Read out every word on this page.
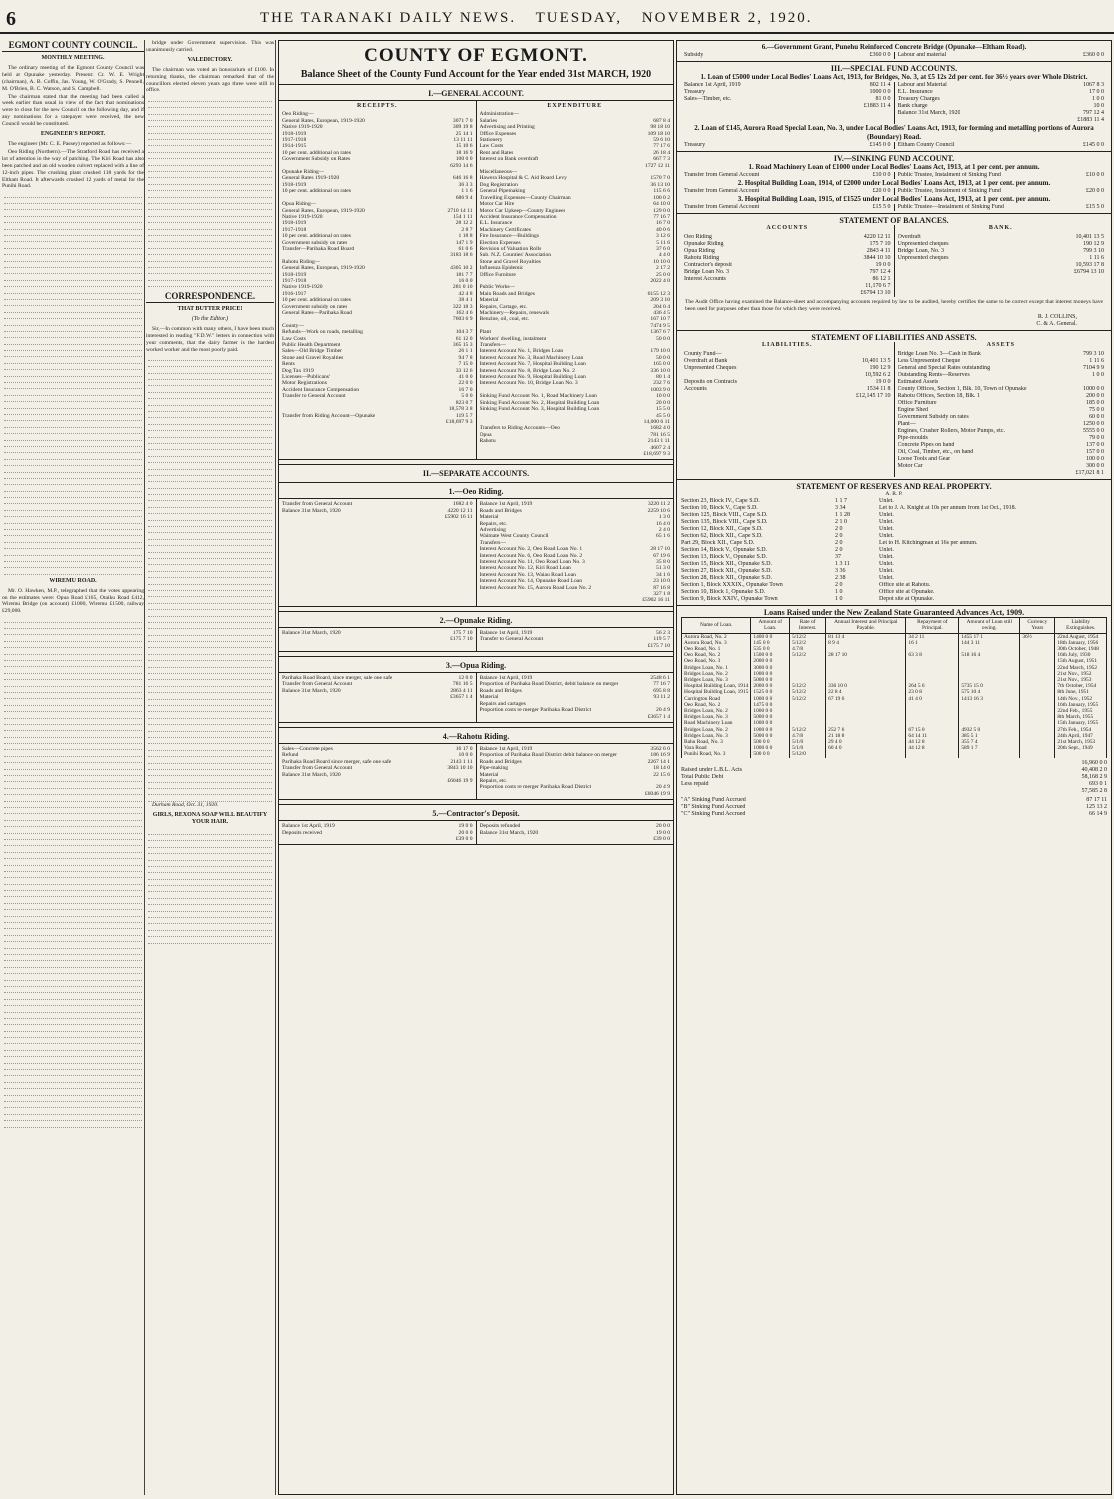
6	THE TARANAKI DAILY NEWS. TUESDAY, NOVEMBER 2, 1920.
EGMONT COUNTY COUNCIL.
MONTHLY MEETING.

The ordinary meeting of the Egmont County Council was held at Opunake yesterday. Present: Cr. W. E. Wright (chairman), A. B. Coffin, Jas. Young, W. O'Grady, S. Pennell, M. O'Brien, B. C. Watson, and S. Campbell.

The chairman stated that the meeting had been called a week earlier than usual in view of the fact that nominations were to close for the new Council on the following day, and if any nominations for a ratepayer were received, the new Council would be constituted.

ENGINEER'S REPORT.

The engineer (Mr. C. E. Passey) reported as follows:—

Oeo Riding (Northern).—The Stratford Road has received a lot of attention in the way of patching. The Kiri Road has also been patched and an old wooden culvert replaced with a line of 12-inch pipes. The crushing plant crushed 118 yards for the Eltham Road. It afterwards crushed 12 yards of metal for the Punihi Road.

WIREMU ROAD.

Mr. O. Hawken, M.P., telegraphed that the votes appearing on the estimates were: Opua Road £165, Otaiku Road £412, Wiremu Bridge (on account) £1000, Wiremu £1500, railway £29,000.

bridge under Government supervision. This was unanimously carried.

VALEDICTORY.

The chairman was voted an honorarium of £100. In returning thanks, the chairman remarked that of the councillors elected eleven years ago three were still in office.

CORRESPONDENCE.
THAT BUTTER PRICE!
(To the Editor.)

Sir,—In common with many others, I have been much interested in reading "F.D.W." letters in connection with your comments, that the dairy farmer is the hardest worked worker and the most poorly paid.

Durham Road, Oct. 31, 1920.

GIRLS, REXONA SOAP WILL BEAUTIFY YOUR HAIR.
COUNTY OF EGMONT.
Balance Sheet of the County Fund Account for the Year ended 31st MARCH, 1920
I.—GENERAL ACCOUNT.
RECEIPTS.
Oeo Riding—
General Rates, European, 1919-1920	3071 7 0
Native 1919-1920	309 19 8
1918-1919	25 14 1
1917-1918	13 11 11
1914-1915	15 10 6
10 per cent. additional on rates	18 16 9
Government Subsidy on Rates	100 0 0
6293 14 6
Opunake Riding—
General Rates 1919-1920	646 16 8
1918-1919	36 3 3
10 per cent. additional on rates	1 1 6
686 9 4
Opua Riding—
General Rates, European, 1919-1920	2710 14 11
Native 1919-1920	154 1 11
1918-1919	28 12 2
1917-1918	2 8 7
10 per cent. additional on rates	1 18 8
Government subsidy on rates	147 1 9
Transfer—Parihaka Road Board	61 0 6
3183 18 6
Rahotu Riding—
General Rates, European, 1919-1920	4305 10 2
1918-1919	181 7 7
1917-1918	16 0 0
Native 1919-1920	281 0 10
1916-1917	42 4 8
10 per cent. additional on rates	38 4 1
Government subsidy on rates	322 18 3
General Rates—Parihaka Road	162 4 6
7603 6 9
County—
Refunds—Work on roads, metalling	104 3 7
Law Costs	61 12 0
Public Health Department	365 15 3
Sales—Old Bridge Timber	26 1 1
Stone and Gravel Royalties	94 7 8
Rents	7 15 0
Dog Tax 1919	33 12 6
Licenses—Publicans'	41 0 0
Motor Registrations	22 0 0
Accident Insurance Compensation	16 7 0
Transfer to General Account	5 0 0
823 0 7
18,578 3 8
Transfer from Riding Account—Opunake	119 5 7
£18,697 9 3
EXPENDITURE
Administration—
Salaries	687 8 4
Advertising and Printing	98 18 10
Office Expenses	109 18 10
Stationery	59 6 10
Law Costs	77 17 6
Rent and Rates	26 18 4
Interest on Bank overdraft	667 7 3
1727 12 11
Miscellaneous—
Hawera Hospital & C. Aid Board Levy	1570 7 0
Dog Registration	36 13 10
General Pipemaking	115 6 6
Travelling Expenses—County Chairman	100 0 2
Motor Car Hire	64 10 0
Motor Car Upkeep—County Engineer	129 0 0
Accident Insurance Compensation	77 16 7
E.L. Insurance	16 7 0
Machinery Certificates	40 0 6
Fire Insurance—Buildings	3 12 6
Election Expenses	5 11 6
Revision of Valuation Rolls	37 6 0
Sub. N.Z. Counties' Association	4 4 0
Stone and Gravel Royalties	10 10 0
Influenza Epidemic	2 17 2
Office Furniture	25 0 0
2022 4 0
Public Works—
Main Roads and Bridges	6155 12 3
Material	209 3 10
Repairs, Cartage, etc.	204 0 4
Machinery—Repairs, renewals	436 4 5
Benzine, oil, coal, etc.	167 10 7
7474 9 5
Plant	1367 6 7
Workers' dwelling, instalment	50 0 0
Transfers—
Interest Account No. 1, Bridges Loan	179 10 0
Interest Account No. 3, Road Machinery Loan	50 0 0
Interest Account No. 7, Hospital Building Loan	165 0 0
Interest Account No. 8, Bridge Loan No. 2	336 10 0
Interest Account No. 9, Hospital Building Loan	80 1 4
Interest Account No. 10, Bridge Loan No. 3	232 7 6
1003 9 0
Sinking Fund Account No. 1, Road Machinery Loan	10 0 0
Sinking Fund Account No. 2, Hospital Building Loan	20 0 0
Sinking Fund Account No. 3, Hospital Building Loan	15 5 0
45 5 0
14,000 6 11
Transfers to Riding Accounts—Oeo	1682 4 0
Opua	781 16 5
Rahotu	2143 1 11
4607 2 4
£18,697 9 3
II.—SEPARATE ACCOUNTS.
1.—Oeo Riding.
Transfer from General Account	1682 4 0
Balance 31st March, 1920	4220 12 11
£5902 16 11
Balance 1st April, 1919	3220 11 2
Roads and Bridges	2259 10 6
Material	1 3 0
Repairs, etc.	16 4 0
Advertising	2 4 0
Waimate West County Council	65 1 6
Transfers—
Interest Account No. 2, Oeo Road Loan No. 1	28 17 10
Interest Account No. 6, Oeo Road Loan No. 2	67 19 6
Interest Account No. 11, Oeo Road Loan No. 3	35 8 0
Interest Account No. 12, Kiri Road Loan	51 3 0
Interest Account No. 13, Waiau Road Loan	34 1 6
Interest Account No. 14, Opunake Road Loan	23 10 0
Interest Account No. 15, Aurora Road Loan No. 2	87 16 8
327 1 8
£5902 16 11
2.—Opunake Riding.
Balance 31st March, 1920	175 7 10
£175 7 10
Balance 1st April, 1919	56 2 3
Transfer to General Account	119 5 7
£175 7 10
3.—Opua Riding.
Parihaka Road Board, since merger, sale one safe	12 0 0
Transfer from General Account	781 16 5
Balance 31st March, 1920	2863 4 11
£3657 1 4
Balance 1st April, 1919	2548 6 1
Proportion of Parihaka Road District, debit balance on merger	77 16 7
Roads and Bridges	695 8 8
Material	93 11 2
Repairs and cartages
Proportion costs re merger Parihaka Road District	20 4 9
£3657 1 4
4.—Rahotu Riding.
Sales—Concrete pipes	16 17 0
Refund	10 0 0
Parihaka Road Board since merger, safe one safe	2143 1 11
Transfer from General Account	3843 10 10
Balance 31st March, 1920
£6046 19 9
Balance 1st April, 1919	3562 6 0
Proportion of Parihaka Road District debit balance on merger	186 16 9
Roads and Bridges	2267 14 1
Pipe-making	18 14 0
Material	22 15 6
Repairs, etc.
Proportion costs re merger Parihaka Road District	20 4 9
£6046 19 9
5.—Contractor's Deposit.
Balance 1st April, 1919	19 0 0
Deposits received	20 0 0
£39 0 0
Deposits refunded	20 0 0
Balance 31st March, 1920	19 0 0
£39 0 0
6.—Government Grant, Punehu Reinforced Concrete Bridge (Opunake—Eltham Road).
Subsidy	£360 0 0 Labour and material	£360 0 0
III.—SPECIAL FUND ACCOUNTS.
1. Loan of £5000 under Local Bodies' Loans Act, 1913, for Bridges, No. 3, at £5 12s 2d per cent. for 36½ years over Whole District.
Balance 1st April, 1919	802 11 4
Treasury	1000 0 0
Sales—Timber, etc.	81 0 0
£1883 11 4
Labour and Material	1067 8 3
E.L. Insurance	17 0 0
Treasury Charges	1 0 0
Bank charge	10 0
Balance 31st March, 1920	797 12 4
£1883 11 4
2. Loan of £145, Aurora Road Special Loan, No. 3, under Local Bodies' Loans Act, 1913, for forming and metalling portions of Aurora (Boundary) Road.
Treasury	£145 0 0 Eltham County Council	£145 0 0
IV.—SINKING FUND ACCOUNT.
1. Road Machinery Loan of £1000 under Local Bodies' Loans Act, 1913, at 1 per cent. per annum.
Transfer from General Account	£10 0 0 Public Trustee, Instalment of Sinking Fund	£10 0 0
2. Hospital Building Loan, 1914, of £2000 under Local Bodies' Loans Act, 1913, at 1 per cent. per annum.
Transfer from General Account	£20 0 0 Public Trustee, Instalment of Sinking Fund	£20 0 0
3. Hospital Building Loan, 1915, of £1525 under Local Bodies' Loans Act, 1913, at 1 per cent. per annum.
Transfer from General Account	£15 5 0 Public Trustee—Instalment of Sinking Fund	£15 5 0
STATEMENT OF BALANCES.
ACCOUNTS
Oeo Riding	4220 12 11
Opunake Riding	175 7 10
Opua Riding	2843 4 11
Rahotu Riding	3844 10 10
Contractor's deposit	19 0 0
Bridge Loan No. 3	797 12 4
Interest Accounts	86 12 1
11,170 6 7
£6794 13 10
BANK.
Overdraft	10,401 13 5
Unpresented cheques	190 12 9
Bridge Loan, No. 3	799 3 10
Unpresented cheques	1 11 6
10,593 17 8
£6794 13 10
The Audit Office having examined the Balance-sheet and accompanying accounts required by law to be audited, hereby certifies the same to be correct except that interest moneys have been used for purposes other than those for which they were received.
R. J. COLLINS,
C. & A. General.
STATEMENT OF LIABILITIES AND ASSETS.
LIABILITIES.
County Fund—
Overdraft at Bank	10,401 13 5
Unpresented Cheques	190 12 9
10,592 6 2
Deposits on Contracts	19 0 0
Accounts	1534 11 8
£12,145 17 10
ASSETS
Bridge Loan No. 3—Cash in Bank	799 3 10
Less Unpresented Cheque	1 11 6
General and Special Rates outstanding	7104 9 9
Outstanding Rents—Reserves	1 0 0
Estimated Assets
County Offices, Section 1, Blk. 10, Town of Opunake	1000 0 0
Rahotu Offices, Section 18, Blk. 1	200 0 0
Office Furniture	185 0 0
Engine Shed	75 0 0
Government Subsidy on rates	60 0 0
Plant—	1250 0 0
Engines, Crusher Rollers, Motor Pumps, etc.	5555 0 0
Pipe-moulds	79 0 0
Concrete Pipes on hand	137 0 0
Oil, Coal, Timber, etc., on hand	157 0 0
Loose Tools and Gear	100 0 0
Motor Car	300 0 0
£17,021 8 1
STATEMENT OF RESERVES AND REAL PROPERTY.
A. R. P.
Section 23, Block IV., Cape S.D.	1 1 7	Unlet.
Section 10, Block V., Cape S.D.	3 34	Let to J. A. Knight at 10s per annum from 1st Oct., 1918.
Section 125, Block VIII., Cape S.D.	1 1 28	Unlet.
Section 135, Block VIII., Cape S.D.	2 1 0	Unlet.
Section 12, Block XII., Cape S.D.	2 0	Unlet.
Section 62, Block XII., Cape S.D.	2 0	Unlet.
Part 29, Block XII., Cape S.D.	2 0	Let to H. Kitchingman at 16s per annum.
Section 14, Block V., Opunake S.D.	2 0	Unlet.
Section 13, Block V., Opunake S.D.	37	Unlet.
Section 15, Block XII., Opunake S.D.	1 3 11	Unlet.
Section 27, Block XII., Opunake S.D.	3 36	Unlet.
Section 28, Block XII., Opunake S.D.	2 38	Unlet.
Section 1, Block XXXIX., Opunake Town	2 0	Office site at Rahotu.
Section 10, Block 1, Opunake S.D.	1 0	Office site at Opunake.
Section 9, Block XXIV., Opunake Town	1 0	Depot site at Opunake.
Loans Raised under the New Zealand State Guaranteed Advances Act, 1909.
Name of Loan.	Amount of Loan.	Rate of Interest.	Annual Interest and Principal Payable.	Repayment of Principal.	Amount of Loan still owing.	Currency Years	Liability Extinguishes.
Aurora Road, No. 2	1400 0 0	5/12/2	81 13 4	34 2 11	1455 17 1	36½	22nd August, 1954
Aurora Road, No. 3	145 0 0	5/12/2	8 9 4	16 1	144 3 11		18th January, 1956
Oeo Road, No. 1	535 0 0	4.7/8					30th October, 1948
Oeo Road, No. 2	1500 0 0	5/12/2	28 17 10	63 3 8	518 16 4		16th July, 1930
Oeo Road, No. 3	2000 0 0						15th August, 1951
Bridges Loan, No. 1	3000 0 0						22nd March, 1952
Bridges Loan, No. 2	1000 0 0						21st Nov., 1952
Bridges Loan, No. 3	5000 0 0						21st Nov., 1953
Hospital Building Loan, 1914	2000 0 0	5/12/2	336 10 0	264 5 6	5735 15 0		7th October, 1954
Hospital Building Loan, 1915	1525 0 0	5/12/2	22 8 4	23 0 8	575 10 4		8th June, 1951
Carrington Road	1000 0 0	5/12/2	67 19 6	41 4 0	1413 16 3		14th Nov., 1952
Oeo Road, No. 2	1475 0 0						16th January, 1955
Bridges Loan, No. 2	1000 0 0						22nd Feb., 1955
Bridges Loan, No. 3	5000 0 0						8th March, 1955
Road Machinery Loan	1000 0 0						15th January, 1955
Bridges Loan, No. 2	1000 0 0	5/12/2	252 7 6	67 15 0	4932 5 0		27th Feb., 1954
Bridges Loan, No. 3	5000 0 0	4.7/8	21 18 8	64 14 11	385 5 1		24th April, 1947
Bahu Road, No. 3	500 0 0	5/1/0	29 4 0	44 12 8	355 7 4		21st March, 1953
Vara Road	1000 0 0	5/1/0	60 4 0	44 12 8	589 1 7		20th Sept., 1949
Punihi Road, No. 3	500 0 0	5/12/0					
16,960 0 0
Raised under L.B.L. Acts	40,408 2 0
Total Public Debt	58,168 2 9
Less repaid	693 0 1
57,585 2 8
"A" Sinking Fund Accrued	87 17 11
"B" Sinking Fund Accrued	125 13 2
"C" Sinking Fund Accrued	66 14 9
